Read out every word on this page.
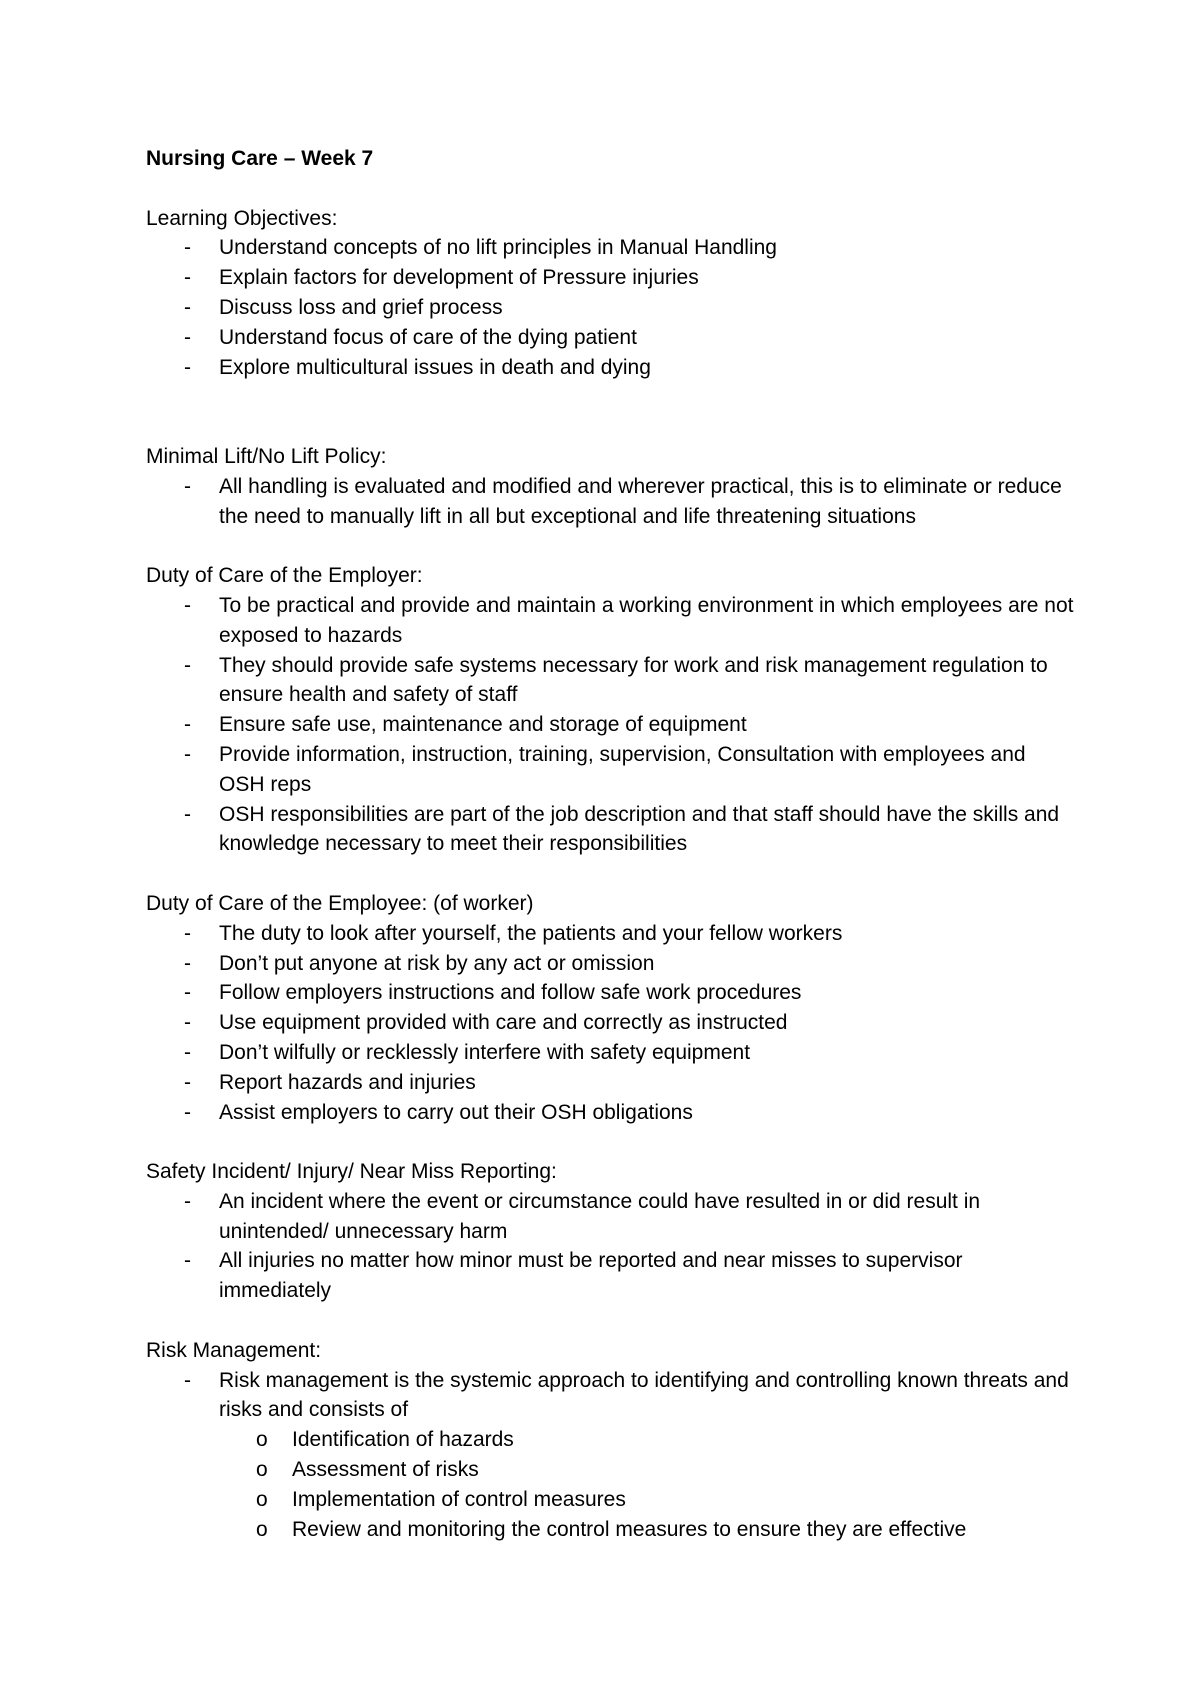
Nursing Care – Week 7

Learning Objectives:

- Understand concepts of no lift principles in Manual Handling
- Explain factors for development of Pressure injuries
- Discuss loss and grief process
- Understand focus of care of the dying patient
- Explore multicultural issues in death and dying

Minimal Lift/No Lift Policy:

- All handling is evaluated and modified and wherever practical, this is to eliminate or reduce the need to manually lift in all but exceptional and life threatening situations

Duty of Care of the Employer:

- To be practical and provide and maintain a working environment in which employees are not exposed to hazards
- They should provide safe systems necessary for work and risk management regulation to ensure health and safety of staff
- Ensure safe use, maintenance and storage of equipment
- Provide information, instruction, training, supervision, Consultation with employees and OSH reps
- OSH responsibilities are part of the job description and that staff should have the skills and knowledge necessary to meet their responsibilities

Duty of Care of the Employee: (of worker)

- The duty to look after yourself, the patients and your fellow workers
- Don’t put anyone at risk by any act or omission
- Follow employers instructions and follow safe work procedures
- Use equipment provided with care and correctly as instructed
- Don’t wilfully or recklessly interfere with safety equipment
- Report hazards and injuries
- Assist employers to carry out their OSH obligations

Safety Incident/ Injury/ Near Miss Reporting:

- An incident where the event or circumstance could have resulted in or did result in unintended/ unnecessary harm
- All injuries no matter how minor must be reported and near misses to supervisor immediately

Risk Management:

- Risk management is the systemic approach to identifying and controlling known threats and risks and consists of
o Identification of hazards
o Assessment of risks
o Implementation of control measures
o Review and monitoring the control measures to ensure they are effective
